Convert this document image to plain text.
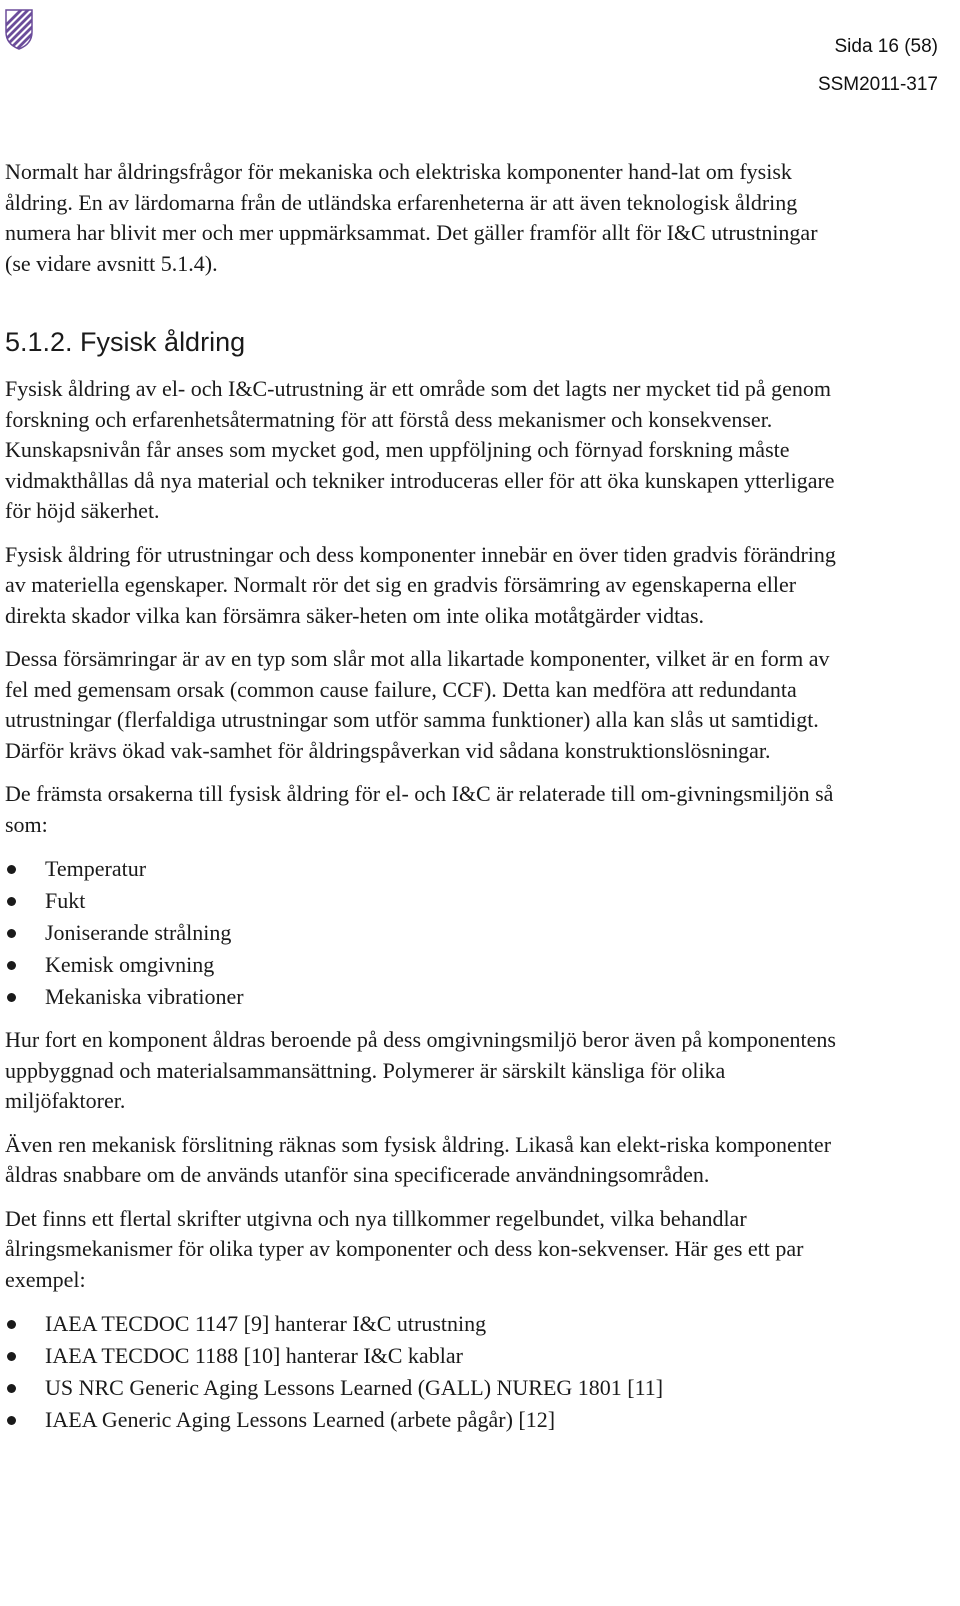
Sida 16 (58)
SSM2011-317

Normalt har åldringsfrågor för mekaniska och elektriska komponenter hand-lat om fysisk åldring. En av lärdomarna från de utländska erfarenheterna är att även teknologisk åldring numera har blivit mer och mer uppmärksammat. Det gäller framför allt för I&C utrustningar (se vidare avsnitt 5.1.4).

5.1.2. Fysisk åldring

Fysisk åldring av el- och I&C-utrustning är ett område som det lagts ner mycket tid på genom forskning och erfarenhetsåtermatning för att förstå dess mekanismer och konsekvenser. Kunskapsnivån får anses som mycket god, men uppföljning och förnyad forskning måste vidmakthållas då nya material och tekniker introduceras eller för att öka kunskapen ytterligare för höjd säkerhet.

Fysisk åldring för utrustningar och dess komponenter innebär en över tiden gradvis förändring av materiella egenskaper. Normalt rör det sig en gradvis försämring av egenskaperna eller direkta skador vilka kan försämra säker-heten om inte olika motåtgärder vidtas.

Dessa försämringar är av en typ som slår mot alla likartade komponenter, vilket är en form av fel med gemensam orsak (common cause failure, CCF). Detta kan medföra att redundanta utrustningar (flerfaldiga utrustningar som utför samma funktioner) alla kan slås ut samtidigt. Därför krävs ökad vak-samhet för åldringspåverkan vid sådana konstruktionslösningar.

De främsta orsakerna till fysisk åldring för el- och I&C är relaterade till om-givningsmiljön så som:

Temperatur
Fukt
Joniserande strålning
Kemisk omgivning
Mekaniska vibrationer

Hur fort en komponent åldras beroende på dess omgivningsmiljö beror även på komponentens uppbyggnad och materialsammansättning. Polymerer är särskilt känsliga för olika miljöfaktorer.

Även ren mekanisk förslitning räknas som fysisk åldring. Likaså kan elekt-riska komponenter åldras snabbare om de används utanför sina specificerade användningsområden.

Det finns ett flertal skrifter utgivna och nya tillkommer regelbundet, vilka behandlar ålringsmekanismer för olika typer av komponenter och dess kon-sekvenser. Här ges ett par exempel:

IAEA TECDOC 1147 [9] hanterar I&C utrustning
IAEA TECDOC 1188 [10] hanterar I&C kablar
US NRC Generic Aging Lessons Learned (GALL) NUREG 1801 [11]
IAEA Generic Aging Lessons Learned (arbete pågår) [12]
